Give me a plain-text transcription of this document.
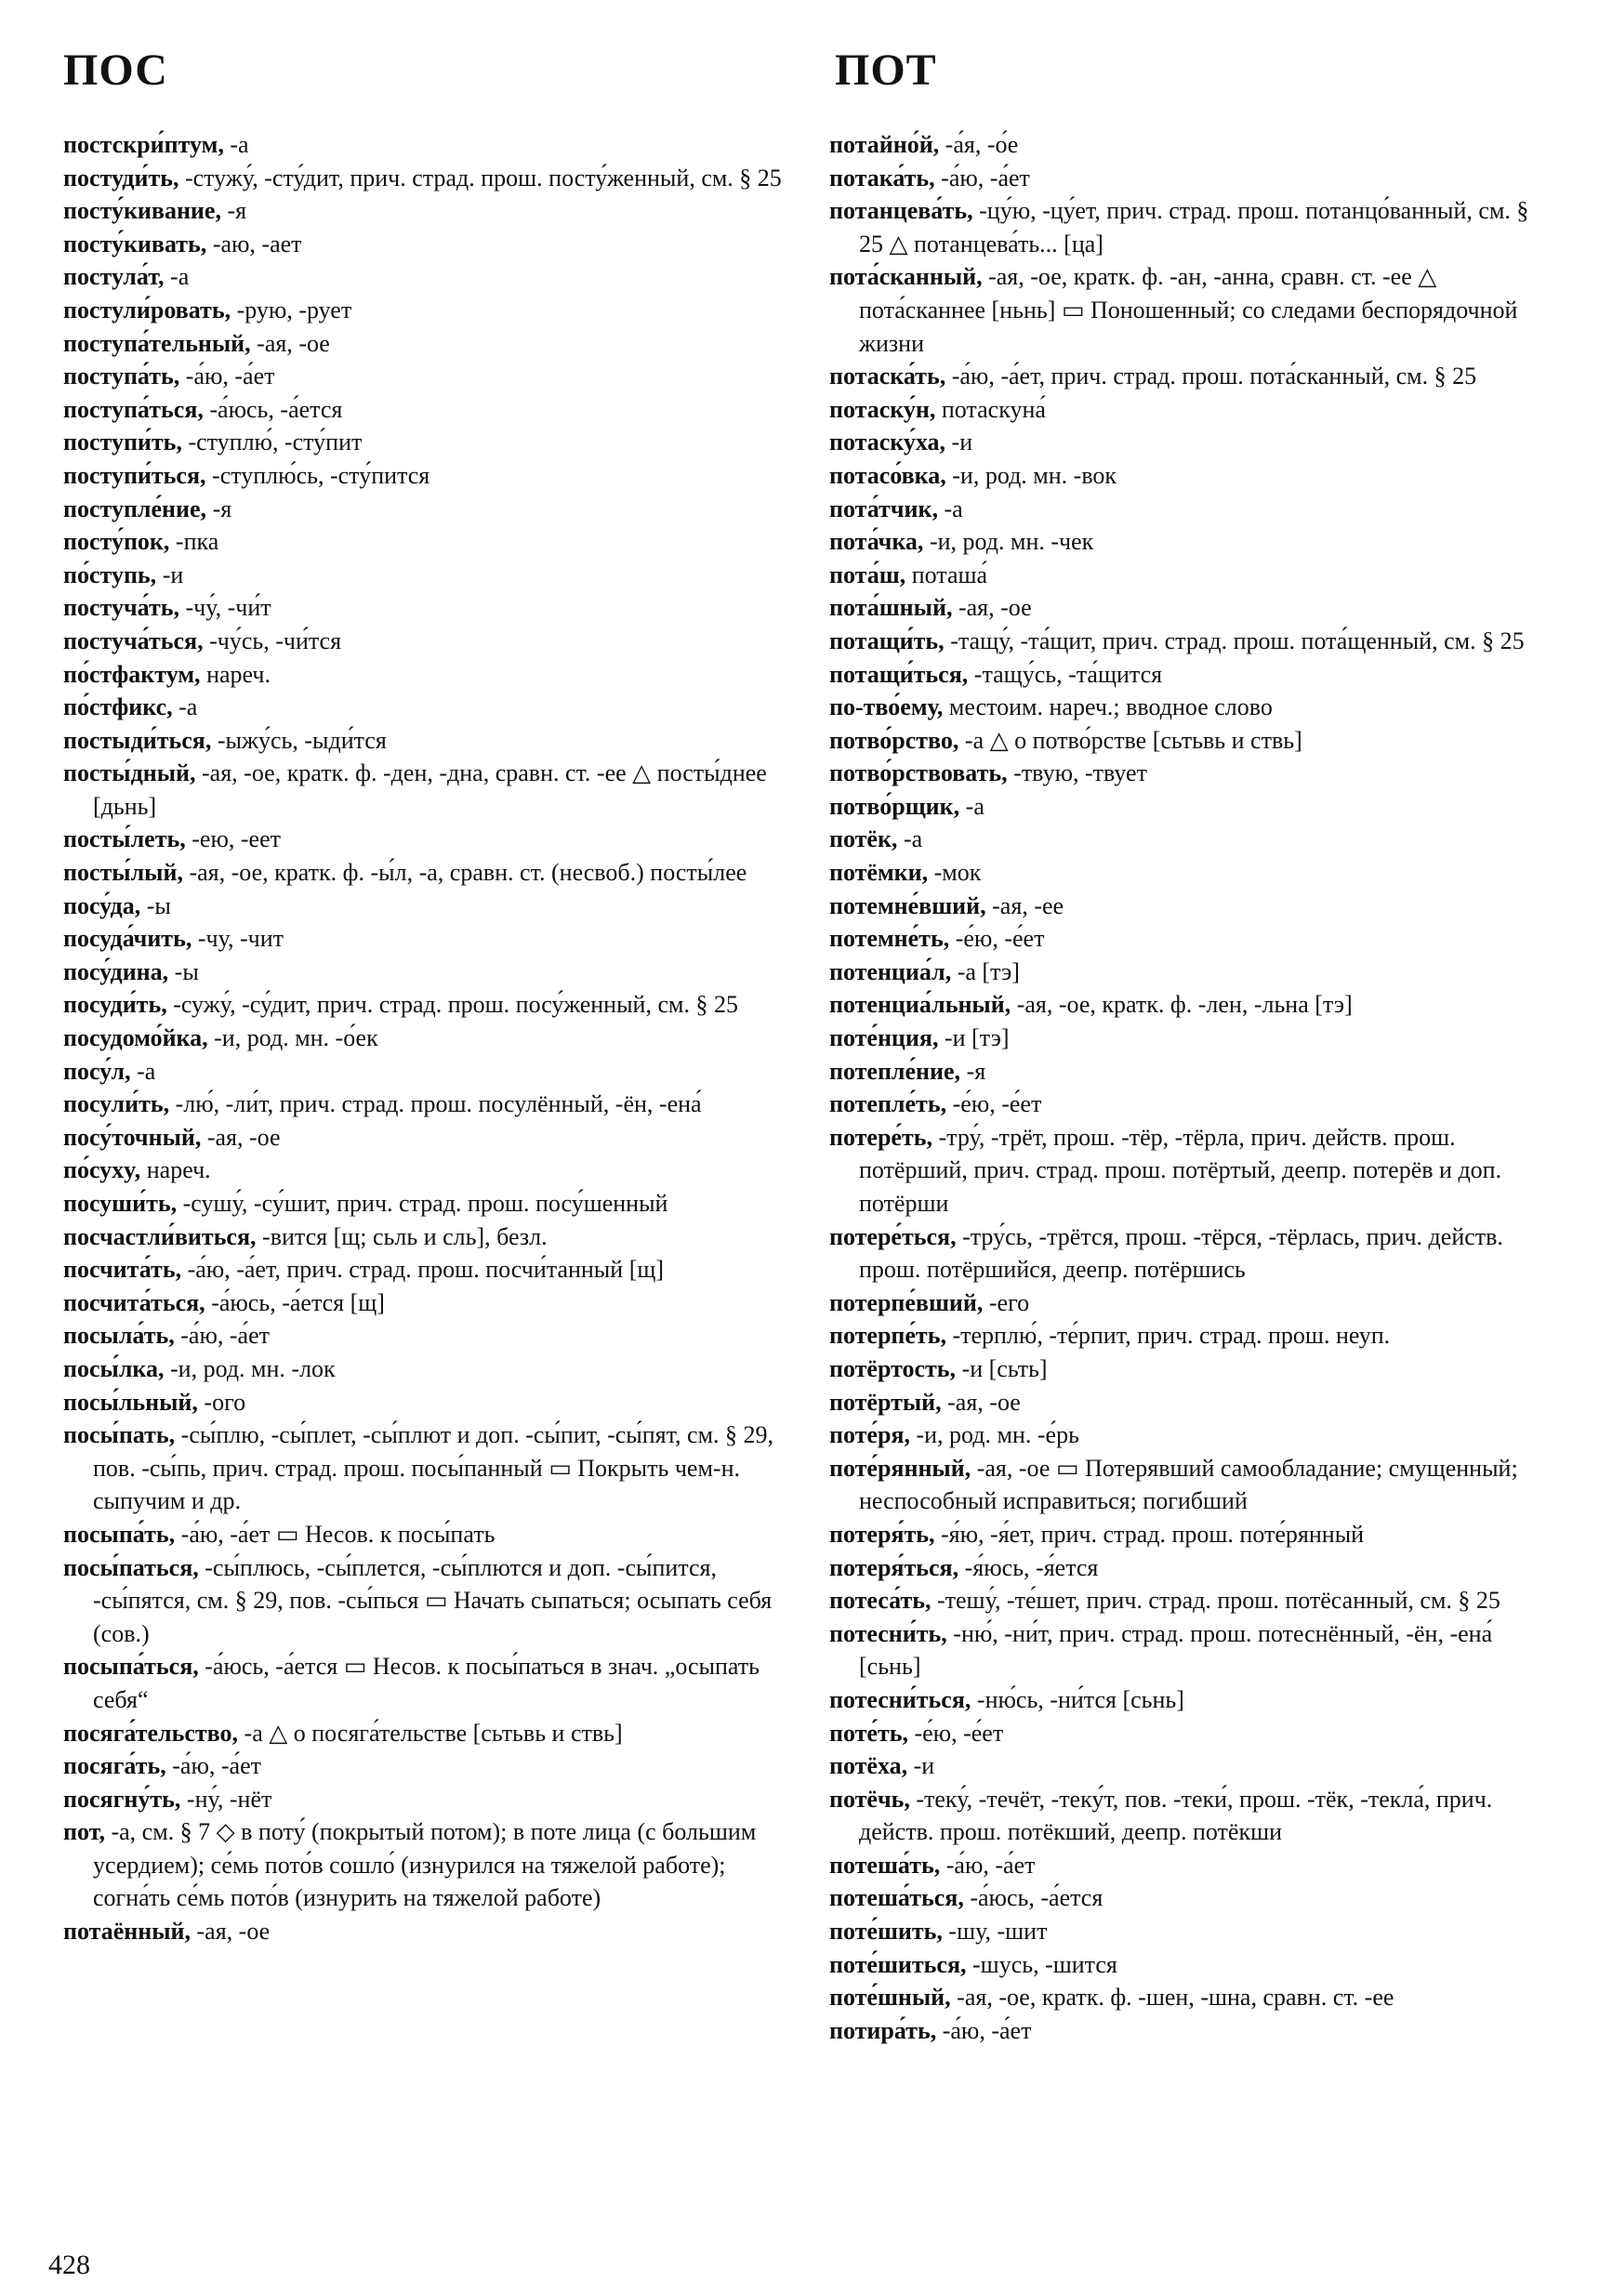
ПОС	ПОТ

постскри́птум, -а

постуди́ть, -стужу́, -сту́дит, прич. страд. прош. посту́женный, см. § 25

посту́кивание, -я

посту́кивать, -аю, -ает

постула́т, -а

постули́ровать, -рую, -рует

поступа́тельный, -ая, -ое

поступа́ть, -а́ю, -а́ет

поступа́ться, -а́юсь, -а́ется

поступи́ть, -ступлю́, -сту́пит

поступи́ться, -ступлю́сь, -сту́пится

поступле́ние, -я

посту́пок, -пка

по́ступь, -и

постуча́ть, -чу́, -чи́т

постуча́ться, -чу́сь, -чи́тся

по́стфактум, нареч.

по́стфикс, -а

постыди́ться, -ыжу́сь, -ыди́тся

посты́дный, -ая, -ое, кратк. ф. -ден, -дна, сравн. ст. -ее △ посты́днее [дьнь]

посты́леть, -ею, -еет

посты́лый, -ая, -ое, кратк. ф. -ы́л, -а, сравн. ст. (несвоб.) посты́лее

посу́да, -ы

посуда́чить, -чу, -чит

посу́дина, -ы

посуди́ть, -сужу́, -су́дит, прич. страд. прош. посу́женный, см. § 25

посудомо́йка, -и, род. мн. -о́ек

посу́л, -а

посули́ть, -лю́, -ли́т, прич. страд. прош. посулённый, -ён, -ена́

посу́точный, -ая, -ое

по́сухy, нареч.

посуши́ть, -сушу́, -су́шит, прич. страд. прош. посу́шенный

посчастли́виться, -вится [щ; сьль и сль], безл.

посчита́ть, -а́ю, -а́ет, прич. страд. прош. посчи́танный [щ]

посчита́ться, -а́юсь, -а́ется [щ]

посыла́ть, -а́ю, -а́ет

посы́лка, -и, род. мн. -лок

посы́льный, -ого

посы́пать, -сы́плю, -сы́плет, -сы́плют и доп. -сы́пит, -сы́пят, см. § 29, пов. -сы́пь, прич. страд. прош. посы́панный ▭ Покрыть чем-н. сыпучим и др.

посыпа́ть, -а́ю, -а́ет ▭ Несов. к посы́пать

посы́паться, -сы́плюсь, -сы́плется, -сы́плются и доп. -сы́пится, -сы́пятся, см. § 29, пов. -сы́пься ▭ Начать сыпаться; осыпать себя (сов.)

посыпа́ться, -а́юсь, -а́ется ▭ Несов. к посы́паться в знач. „осыпать себя“

посяга́тельство, -а △ о посяга́тельстве [сьтьвь и ствь]

посяга́ть, -а́ю, -а́ет

посягну́ть, -ну́, -нёт

пот, -а, см. § 7 ◇ в поту́ (покрытый потом); в поте лица (с большим усердием); се́мь пото́в сошло́ (изнурился на тяжелой работе); согна́ть се́мь пото́в (изнурить на тяжелой работе)

потаённый, -ая, -ое

потайно́й, -а́я, -о́е

потака́ть, -а́ю, -а́ет

потанцева́ть, -цу́ю, -цу́ет, прич. страд. прош. потанцо́ванный, см. § 25 △ потанцева́ть... [ца]

пота́сканный, -ая, -ое, кратк. ф. -ан, -анна, сравн. ст. -ее △ пота́сканнее [ньнь] ▭ Поношенный; со следами беспорядочной жизни

потаска́ть, -а́ю, -а́ет, прич. страд. прош. пота́сканный, см. § 25

потаску́н, потаскуна́

потаску́ха, -и

потасо́вка, -и, род. мн. -вок

пота́тчик, -а

пота́чка, -и, род. мн. -чек

пота́ш, поташа́

пота́шный, -ая, -ое

потащи́ть, -тащу́, -та́щит, прич. страд. прош. пота́щенный, см. § 25

потащи́ться, -тащу́сь, -та́щится

по-тво́ему, местоим. нареч.; вводное слово

потво́рство, -а △ о потво́рстве [сьтьвь и ствь]

потво́рствовать, -твую, -твует

потво́рщик, -а

потёк, -а

потёмки, -мок

потемне́вший, -ая, -ее

потемне́ть, -е́ю, -е́ет

потенциа́л, -а [тэ]

потенциа́льный, -ая, -ое, кратк. ф. -лен, -льна [тэ]

поте́нция, -и [тэ]

потепле́ние, -я

потепле́ть, -е́ю, -е́ет

потере́ть, -тру́, -трёт, прош. -тёр, -тёрла, прич. действ. прош. потёрший, прич. страд. прош. потёртый, деепр. потерёв и доп. потёрши

потере́ться, -тру́сь, -трётся, прош. -тёрся, -тёрлась, прич. действ. прош. потёршийся, деепр. потёршись

потерпе́вший, -его

потерпе́ть, -терплю́, -те́рпит, прич. страд. прош. неуп.

потёртость, -и [сьть]

потёртый, -ая, -ое

поте́ря, -и, род. мн. -е́рь

поте́рянный, -ая, -ое ▭ Потерявший самообладание; смущенный; неспособный исправиться; погибший

потеря́ть, -я́ю, -я́ет, прич. страд. прош. поте́рянный

потеря́ться, -я́юсь, -я́ется

потеса́ть, -тешу́, -те́шет, прич. страд. прош. потёсанный, см. § 25

потесни́ть, -ню́, -ни́т, прич. страд. прош. потеснённый, -ён, -ена́ [сьнь]

потесни́ться, -ню́сь, -ни́тся [сьнь]

поте́ть, -е́ю, -е́ет

потёха, -и

потёчь, -теку́, -течёт, -теку́т, пов. -теки́, прош. -тёк, -текла́, прич. действ. прош. потёкший, деепр. потёкши

потеша́ть, -а́ю, -а́ет

потеша́ться, -а́юсь, -а́ется

поте́шить, -шу, -шит

поте́шиться, -шусь, -шится

поте́шный, -ая, -ое, кратк. ф. -шен, -шна, сравн. ст. -ее

потира́ть, -а́ю, -а́ет

428
